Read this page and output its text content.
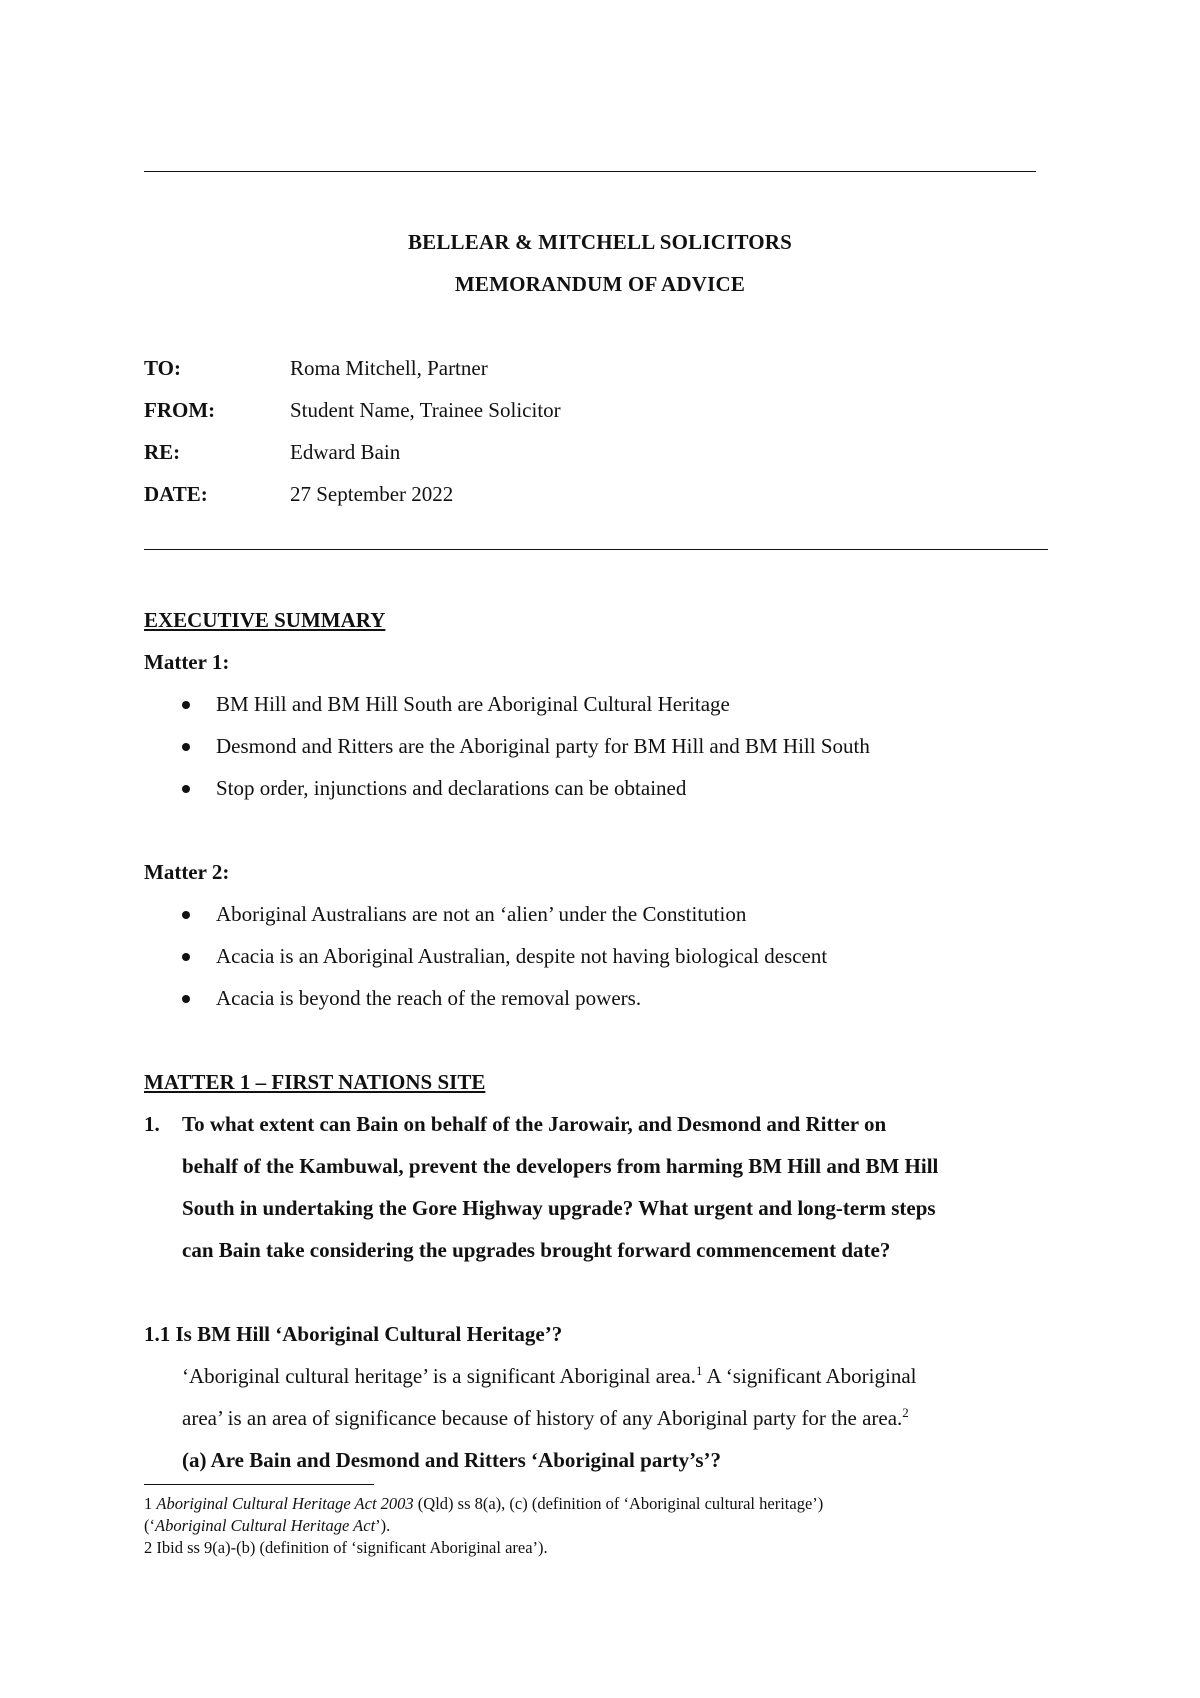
BELLEAR & MITCHELL SOLICITORS
MEMORANDUM OF ADVICE
TO:	Roma Mitchell, Partner
FROM:	Student Name, Trainee Solicitor
RE:	Edward Bain
DATE:	27 September 2022
EXECUTIVE SUMMARY
Matter 1:
BM Hill and BM Hill South are Aboriginal Cultural Heritage
Desmond and Ritters are the Aboriginal party for BM Hill and BM Hill South
Stop order, injunctions and declarations can be obtained
Matter 2:
Aboriginal Australians are not an ‘alien’ under the Constitution
Acacia is an Aboriginal Australian, despite not having biological descent
Acacia is beyond the reach of the removal powers.
MATTER 1 – FIRST NATIONS SITE
1. To what extent can Bain on behalf of the Jarowair, and Desmond and Ritter on
behalf of the Kambuwal, prevent the developers from harming BM Hill and BM Hill
South in undertaking the Gore Highway upgrade? What urgent and long-term steps
can Bain take considering the upgrades brought forward commencement date?
1.1 Is BM Hill ‘Aboriginal Cultural Heritage’?
‘Aboriginal cultural heritage’ is a significant Aboriginal area.$^1$ A ‘significant Aboriginal
area’ is an area of significance because of history of any Aboriginal party for the area.$^2$
(a) Are Bain and Desmond and Ritters ‘Aboriginal party’s’?
1 Aboriginal Cultural Heritage Act 2003 (Qld) ss 8(a), (c) (definition of ‘Aboriginal cultural heritage’)
(‘Aboriginal Cultural Heritage Act’).
2 Ibid ss 9(a)-(b) (definition of ‘significant Aboriginal area’).
